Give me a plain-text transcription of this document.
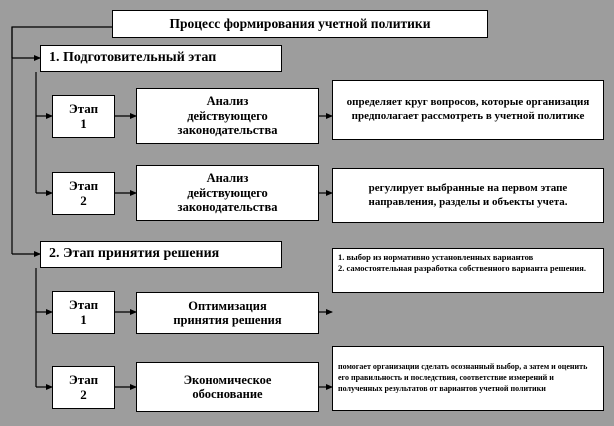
Процесс формирования учетной политики
1. Подготовительный этап
Этап
1
Анализ
действующего
законодательства
определяет круг вопросов, которые организация предполагает рассмотреть в учетной политике
Этап
2
Анализ
действующего
законодательства
регулирует выбранные на первом этапе направления, разделы и объекты учета.
2. Этап принятия решения
Этап
1
Оптимизация
принятия решения
1. выбор из нормативно установленных вариантов
2. самостоятельная разработка собственного варианта решения.
Этап
2
Экономическое
обоснование
помогает организации сделать осознанный выбор, а затем и оценить его правильность и последствия, соответствие измерений и полученных результатов от вариантов учетной политики
